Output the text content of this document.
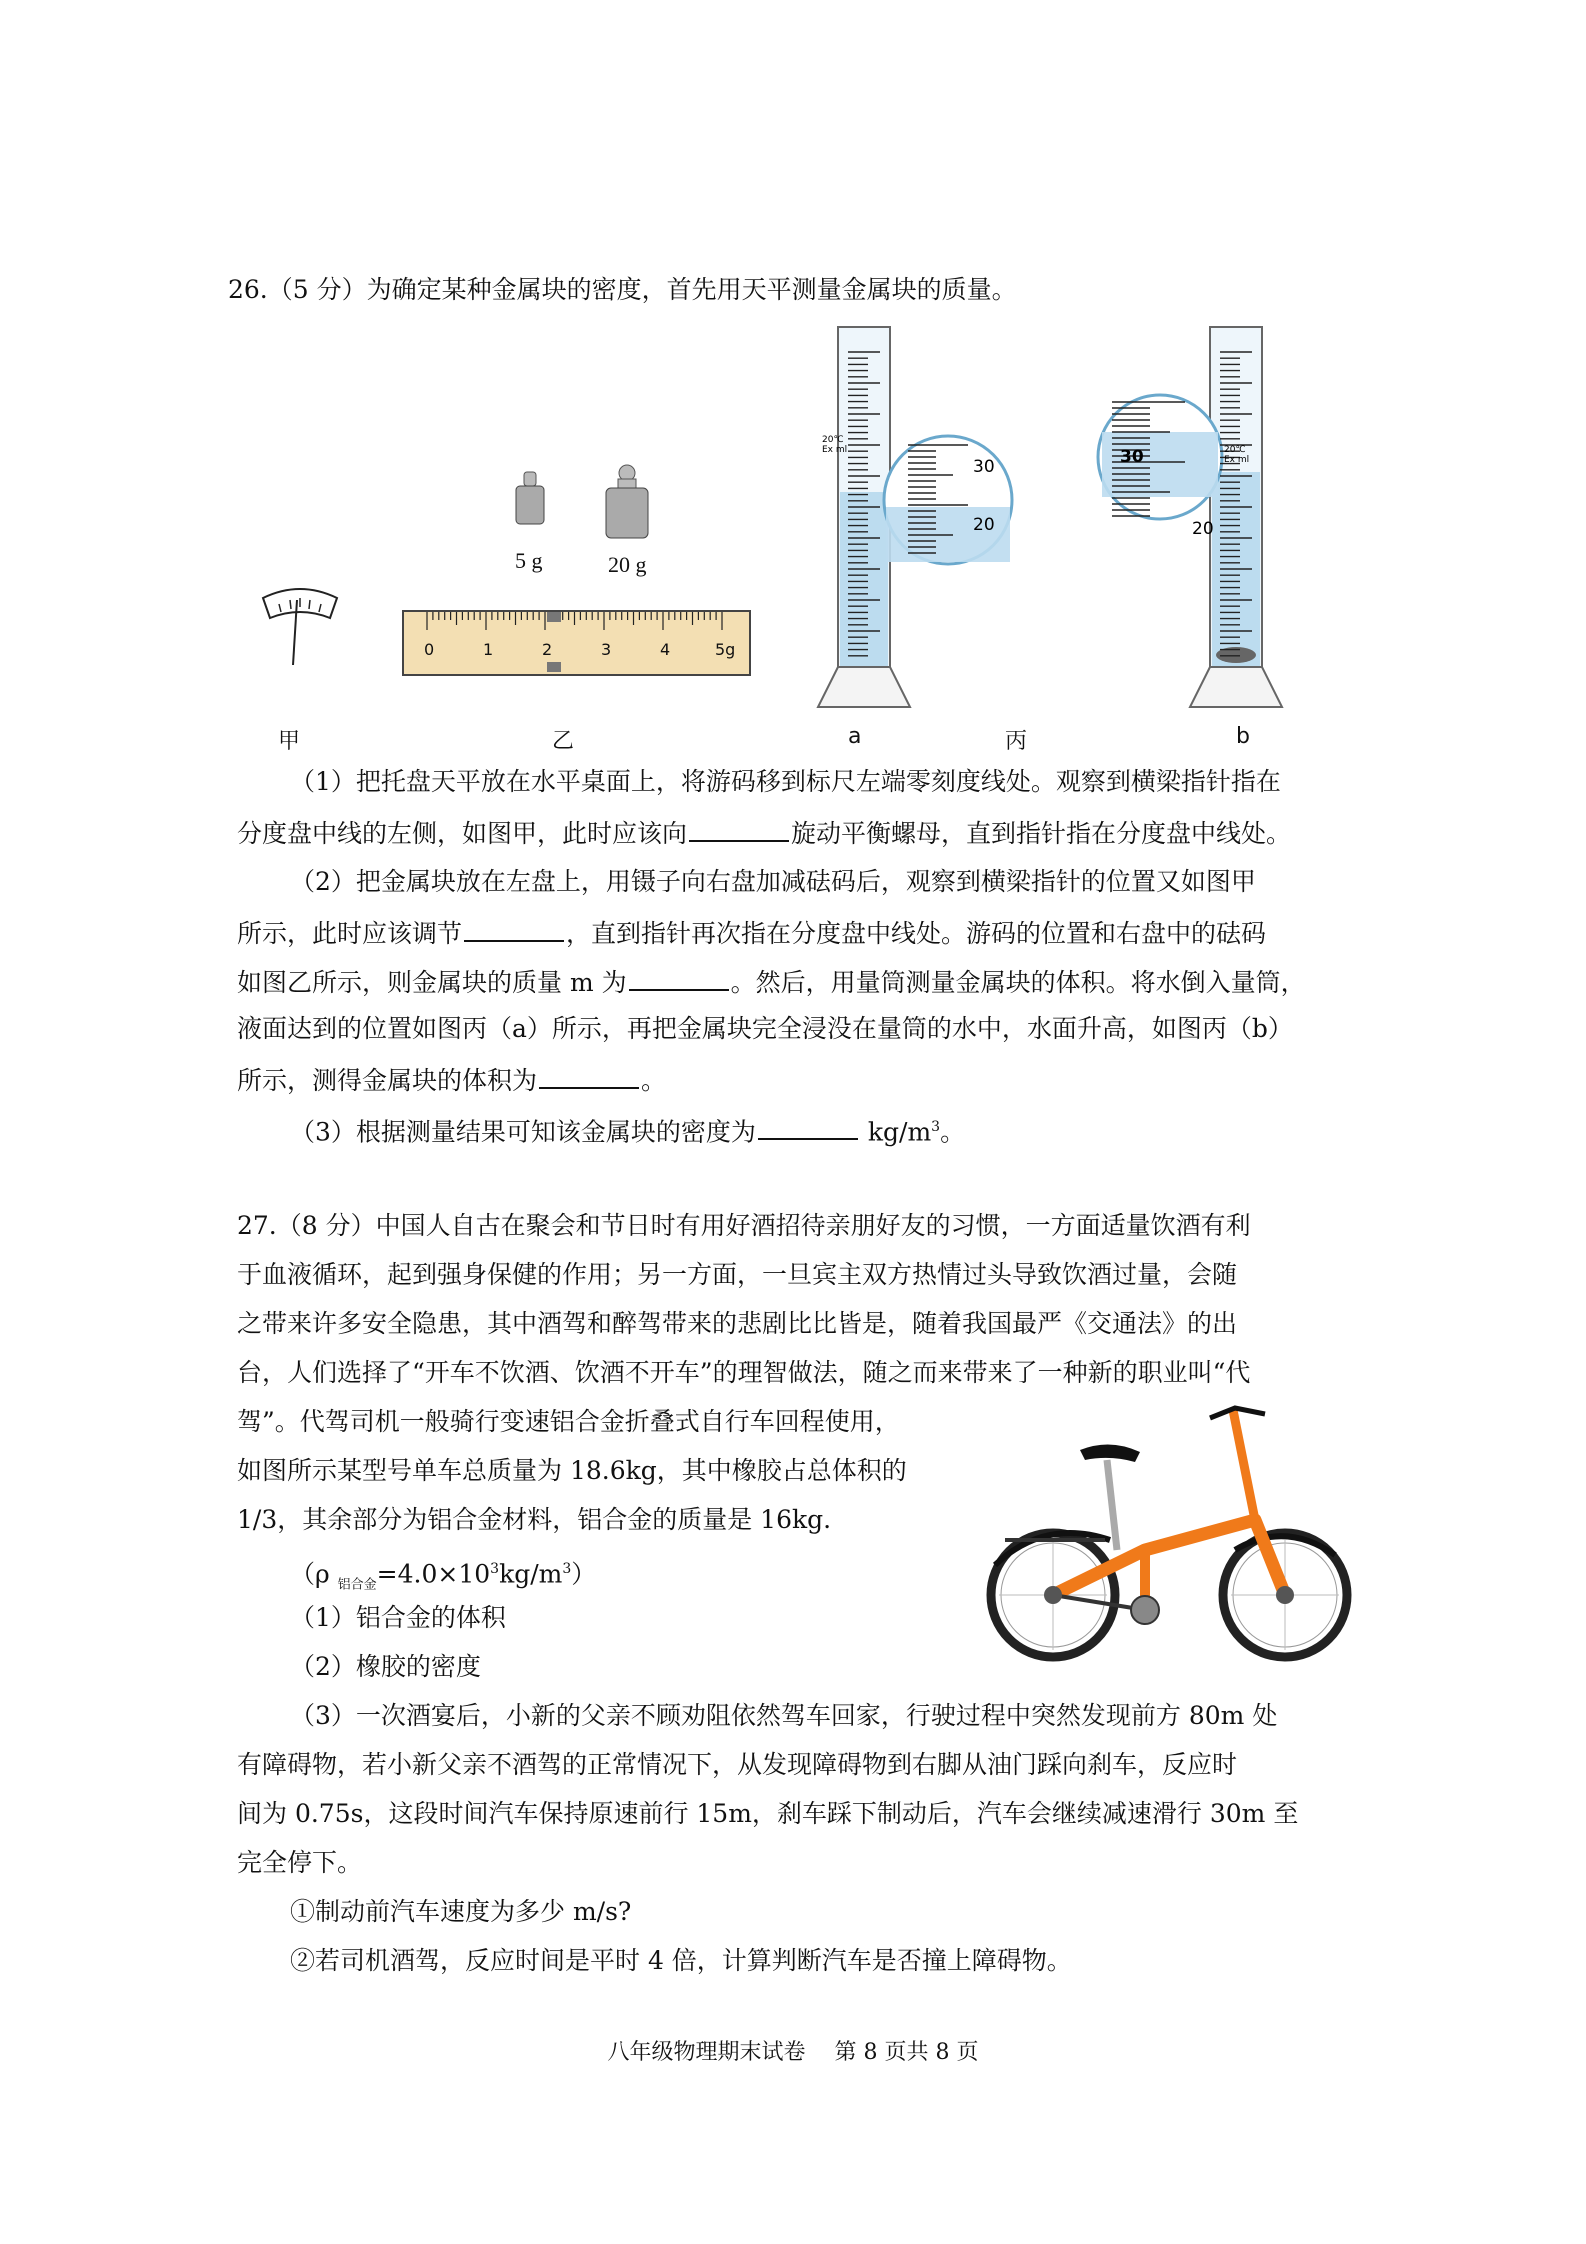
26.（5 分）为确定某种金属块的密度，首先用天平测量金属块的质量。
5 g	20 g
0	1	2	3	4	5g
20℃
Ex ml
30
20
30
20
20℃
Ex ml
甲	乙	a	丙	b
（1）把托盘天平放在水平桌面上，将游码移到标尺左端零刻度线处。观察到横梁指针指在
分度盘中线的左侧，如图甲，此时应该向	旋动平衡螺母，直到指针指在分度盘中线处。
（2）把金属块放在左盘上，用镊子向右盘加减砝码后，观察到横梁指针的位置又如图甲
所示，此时应该调节	，直到指针再次指在分度盘中线处。游码的位置和右盘中的砝码
如图乙所示，则金属块的质量 m 为	。然后，用量筒测量金属块的体积。将水倒入量筒，
液面达到的位置如图丙（a）所示，再把金属块完全浸没在量筒的水中，水面升高，如图丙（b）
所示，测得金属块的体积为	。
（3）根据测量结果可知该金属块的密度为	$kg/m^3$。
27.（8 分）中国人自古在聚会和节日时有用好酒招待亲朋好友的习惯，一方面适量饮酒有利
于血液循环，起到强身保健的作用；另一方面，一旦宾主双方热情过头导致饮酒过量，会随
之带来许多安全隐患，其中酒驾和醉驾带来的悲剧比比皆是，随着我国最严《交通法》的出
台，人们选择了“开车不饮酒、饮酒不开车”的理智做法，随之而来带来了一种新的职业叫“代
驾”。代驾司机一般骑行变速铝合金折叠式自行车回程使用，
如图所示某型号单车总质量为 18.6kg，其中橡胶占总体积的
1/3，其余部分为铝合金材料，铝合金的质量是 16kg.
（ρ $_{铝合金}=4.0\times 10^3kg/m^3$）
（1）铝合金的体积
（2）橡胶的密度
（3）一次酒宴后，小新的父亲不顾劝阻依然驾车回家，行驶过程中突然发现前方 80m 处
有障碍物，若小新父亲不酒驾的正常情况下，从发现障碍物到右脚从油门踩向刹车，反应时
间为 0.75s，这段时间汽车保持原速前行 15m，刹车踩下制动后，汽车会继续减速滑行 30m 至
完全停下。
①制动前汽车速度为多少 m/s?
②若司机酒驾，反应时间是平时 4 倍，计算判断汽车是否撞上障碍物。
八年级物理期末试卷　 第 8 页共 8 页
